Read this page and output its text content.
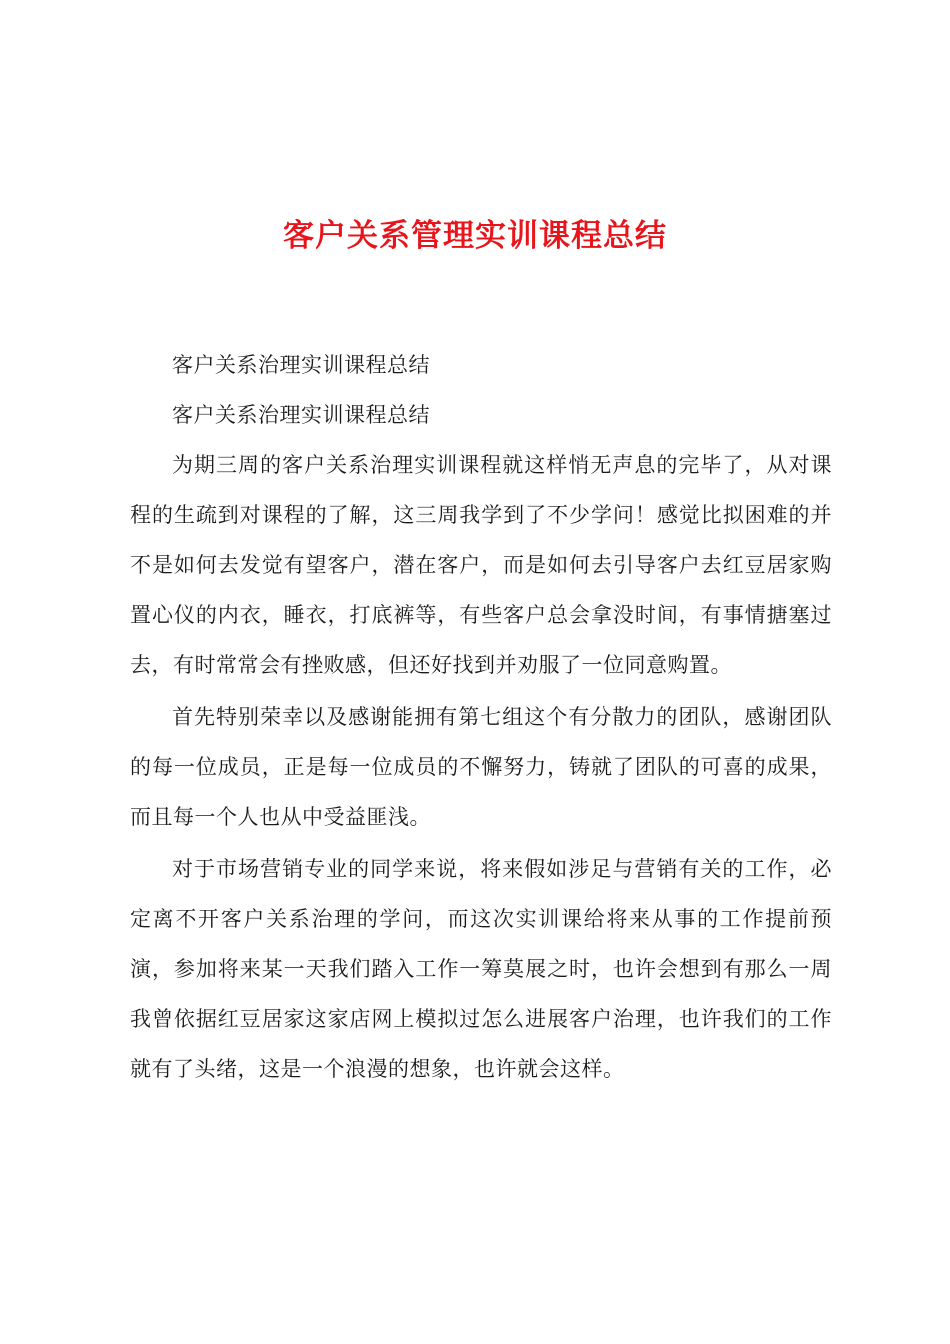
客户关系管理实训课程总结

客户关系治理实训课程总结

客户关系治理实训课程总结

为期三周的客户关系治理实训课程就这样悄无声息的完毕了，从对课程的生疏到对课程的了解，这三周我学到了不少学问！感觉比拟困难的并不是如何去发觉有望客户，潜在客户，而是如何去引导客户去红豆居家购置心仪的内衣，睡衣，打底裤等，有些客户总会拿没时间，有事情搪塞过去，有时常常会有挫败感，但还好找到并劝服了一位同意购置。

首先特别荣幸以及感谢能拥有第七组这个有分散力的团队，感谢团队的每一位成员，正是每一位成员的不懈努力，铸就了团队的可喜的成果，而且每一个人也从中受益匪浅。

对于市场营销专业的同学来说，将来假如涉足与营销有关的工作，必定离不开客户关系治理的学问，而这次实训课给将来从事的工作提前预演，参加将来某一天我们踏入工作一筹莫展之时，也许会想到有那么一周我曾依据红豆居家这家店网上模拟过怎么进展客户治理，也许我们的工作就有了头绪，这是一个浪漫的想象，也许就会这样。
